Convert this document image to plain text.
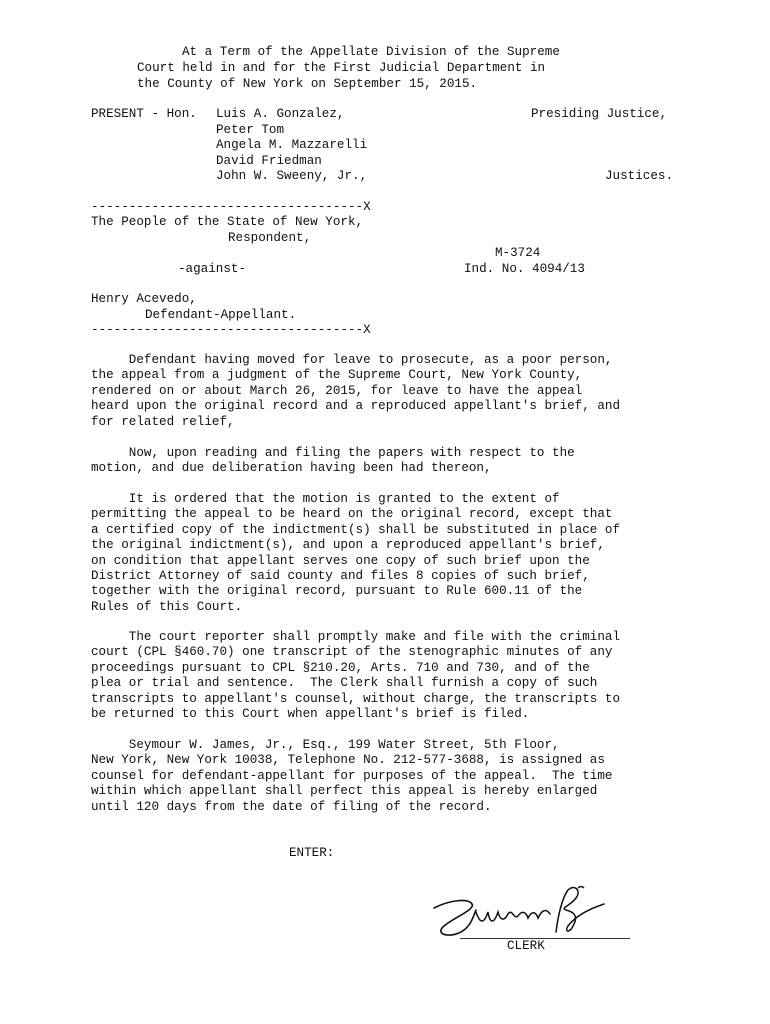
At a Term of the Appellate Division of the Supreme
Court held in and for the First Judicial Department in
the County of New York on September 15, 2015.
PRESENT - Hon. Luis A. Gonzalez,	Presiding Justice,
Peter Tom
Angela M. Mazzarelli
David Friedman
John W. Sweeny, Jr.,	Justices.
------------------------------------X
The People of the State of New York,
Respondent,
M-3724
-against-	Ind. No. 4094/13
Henry Acevedo,
Defendant-Appellant.
------------------------------------X
Defendant having moved for leave to prosecute, as a poor person,
the appeal from a judgment of the Supreme Court, New York County,
rendered on or about March 26, 2015, for leave to have the appeal
heard upon the original record and a reproduced appellant's brief, and
for related relief,
Now, upon reading and filing the papers with respect to the
motion, and due deliberation having been had thereon,
It is ordered that the motion is granted to the extent of
permitting the appeal to be heard on the original record, except that
a certified copy of the indictment(s) shall be substituted in place of
the original indictment(s), and upon a reproduced appellant's brief,
on condition that appellant serves one copy of such brief upon the
District Attorney of said county and files 8 copies of such brief,
together with the original record, pursuant to Rule 600.11 of the
Rules of this Court.
The court reporter shall promptly make and file with the criminal
court (CPL §460.70) one transcript of the stenographic minutes of any
proceedings pursuant to CPL §210.20, Arts. 710 and 730, and of the
plea or trial and sentence.  The Clerk shall furnish a copy of such
transcripts to appellant's counsel, without charge, the transcripts to
be returned to this Court when appellant's brief is filed.
Seymour W. James, Jr., Esq., 199 Water Street, 5th Floor,
New York, New York 10038, Telephone No. 212-577-3688, is assigned as
counsel for defendant-appellant for purposes of the appeal.  The time
within which appellant shall perfect this appeal is hereby enlarged
until 120 days from the date of filing of the record.
ENTER:
CLERK
